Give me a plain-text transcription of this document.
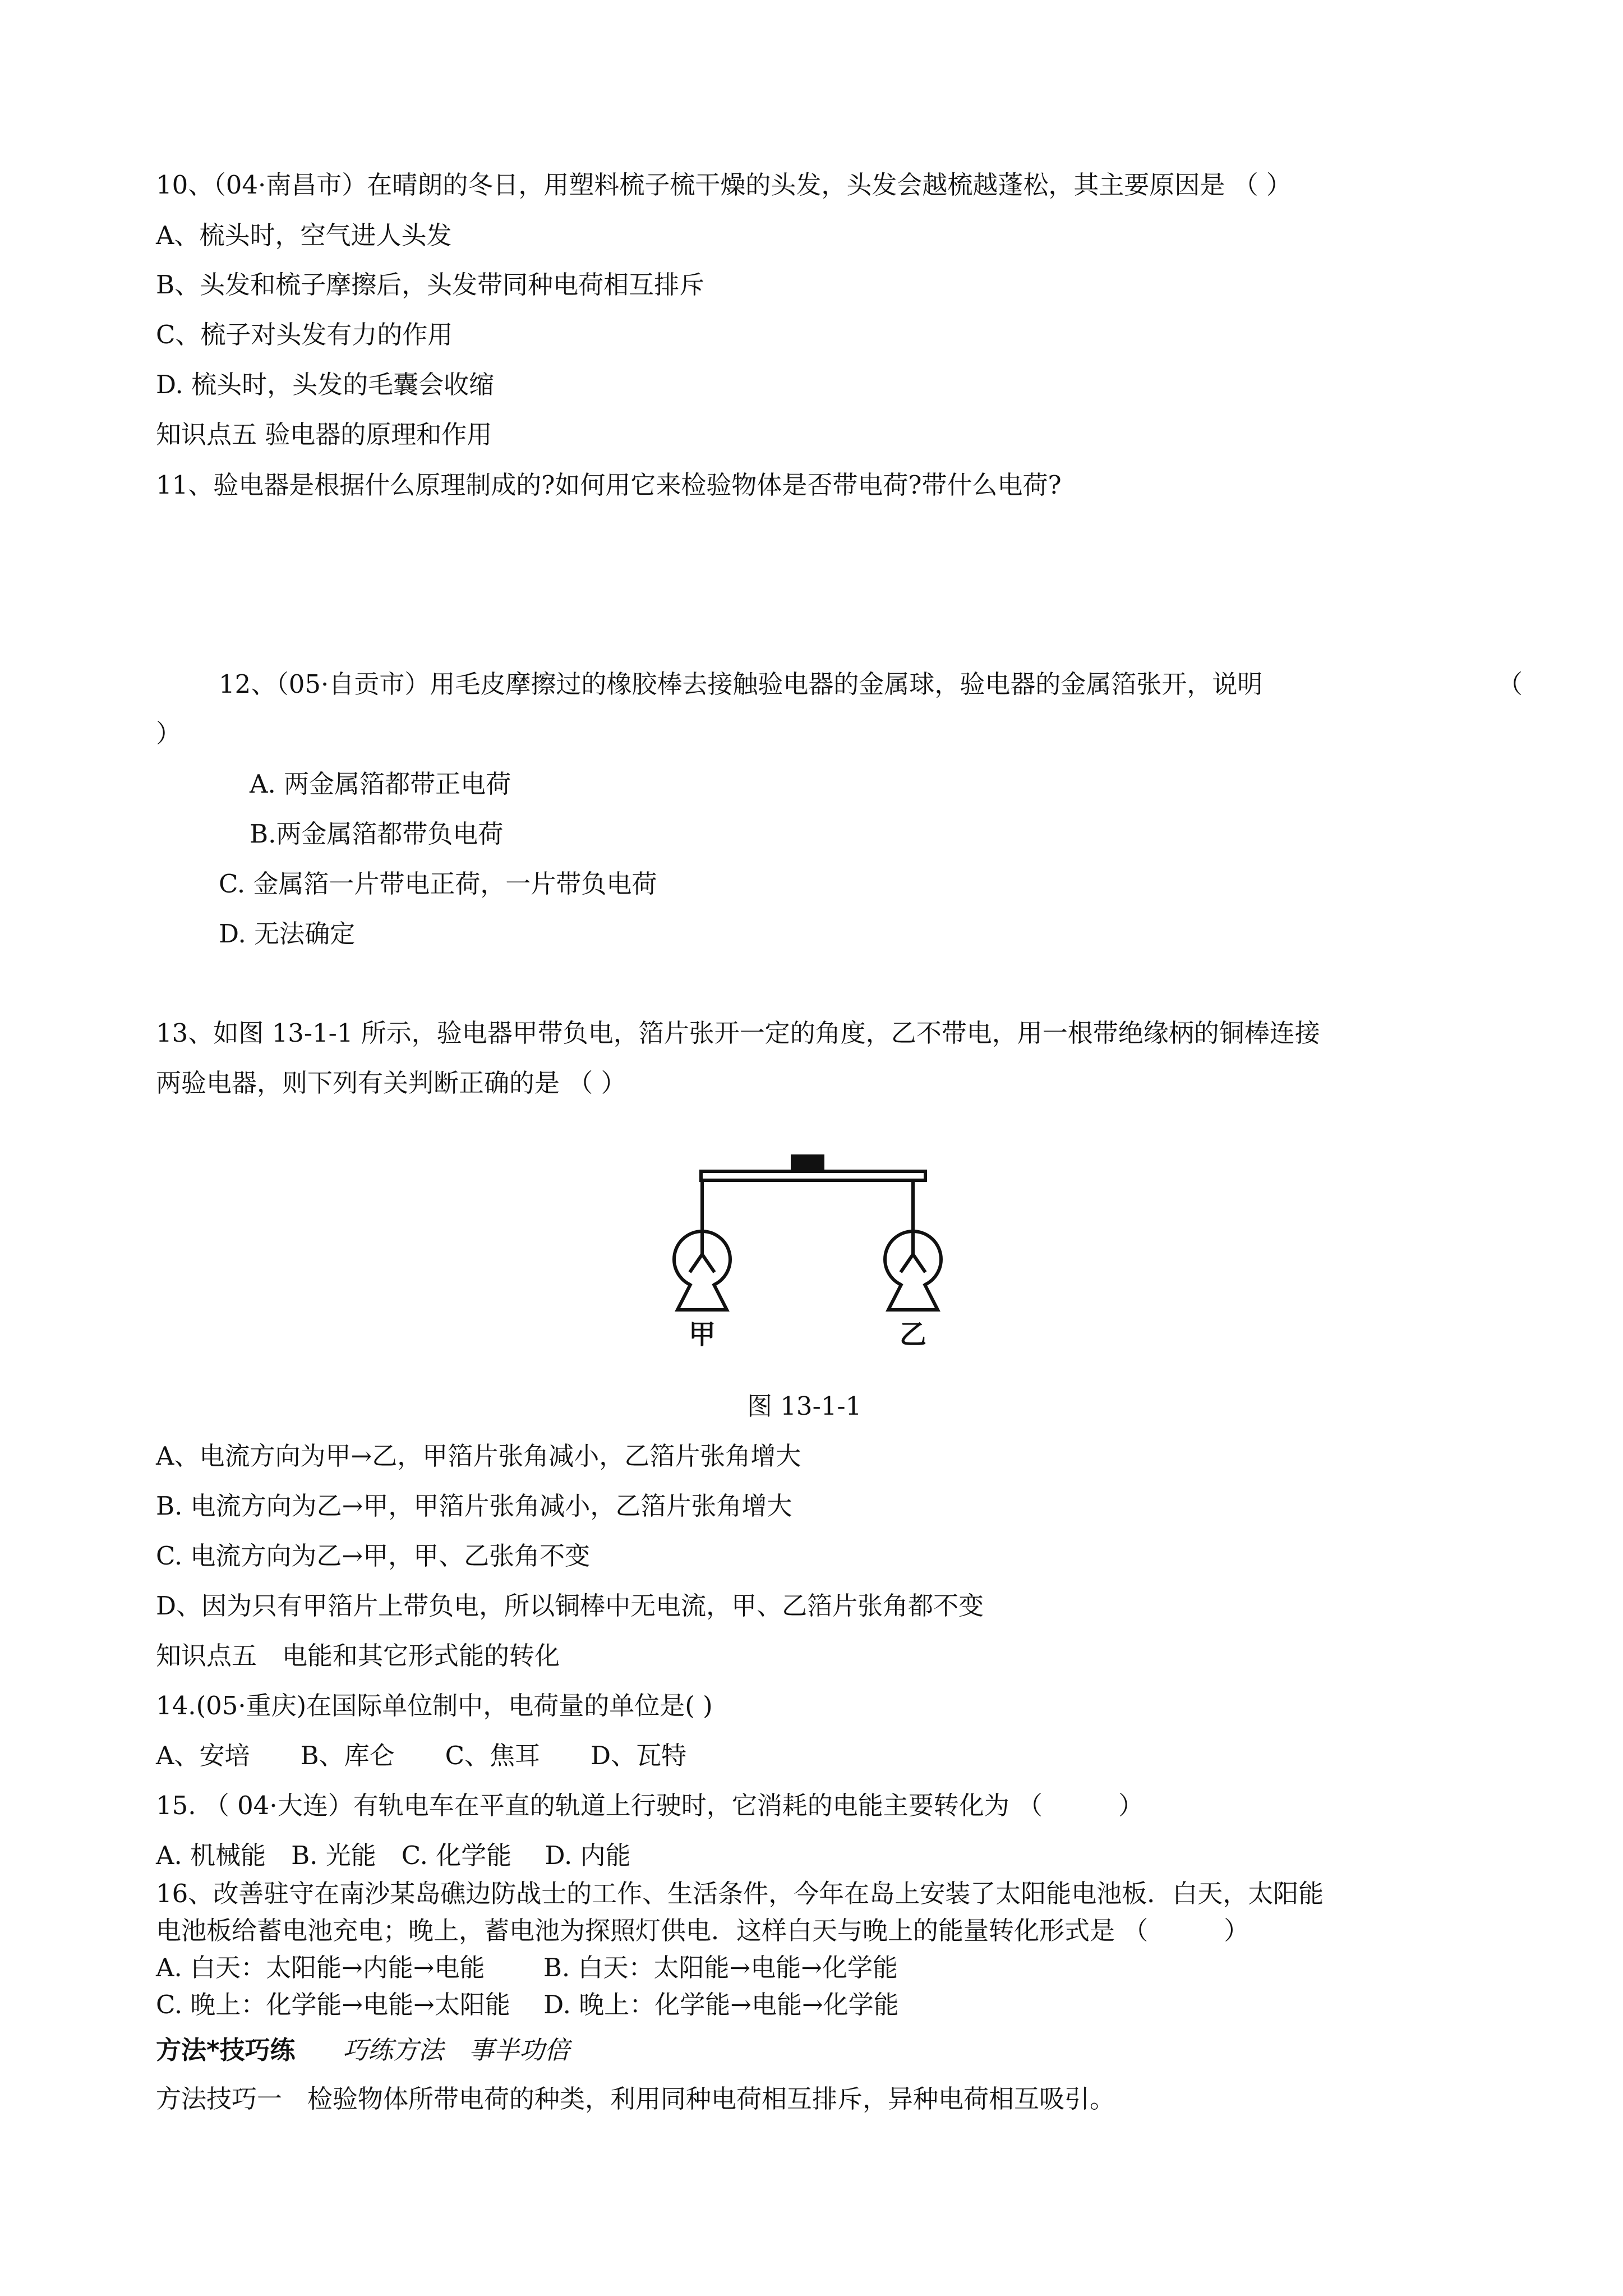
10、（04·南昌市）在晴朗的冬日，用塑料梳子梳干燥的头发，头发会越梳越蓬松，其主要原因是 （ ）
A、梳头时，空气进人头发
B、头发和梳子摩擦后，头发带同种电荷相互排斥
C、梳子对头发有力的作用
D. 梳头时，头发的毛囊会收缩
知识点五 验电器的原理和作用
11、验电器是根据什么原理制成的?如何用它来检验物体是否带电荷?带什么电荷?
12、（05·自贡市）用毛皮摩擦过的橡胶棒去接触验电器的金属球，验电器的金属箔张开，说明	（
）
A. 两金属箔都带正电荷
B.两金属箔都带负电荷
C. 金属箔一片带电正荷，一片带负电荷
D. 无法确定
13、如图 13-1-1 所示，验电器甲带负电，箔片张开一定的角度，乙不带电，用一根带绝缘柄的铜棒连接
两验电器，则下列有关判断正确的是 （ ）
甲	乙
图 13-1-1
A、电流方向为甲→乙，甲箔片张角减小，乙箔片张角增大
B. 电流方向为乙→甲，甲箔片张角减小，乙箔片张角增大
C. 电流方向为乙→甲，甲、乙张角不变
D、因为只有甲箔片上带负电，所以铜棒中无电流，甲、乙箔片张角都不变
知识点五　电能和其它形式能的转化
14.(05·重庆)在国际单位制中，电荷量的单位是( )
A、安培　　B、库仑　　C、焦耳　　D、瓦特
15. （ 04·大连）有轨电车在平直的轨道上行驶时，它消耗的电能主要转化为 （　　　）
A. 机械能　B. 光能　C. 化学能　 D. 内能
16、改善驻守在南沙某岛礁边防战士的工作、生活条件，今年在岛上安装了太阳能电池板．白天，太阳能
电池板给蓄电池充电；晚上，蓄电池为探照灯供电．这样白天与晚上的能量转化形式是 （　　　）
A. 白天：太阳能→内能→电能　　 B. 白天：太阳能→电能→化学能
C. 晚上：化学能→电能→太阳能　 D. 晚上：化学能→电能→化学能
方法*技巧练 巧练方法　事半功倍
方法技巧一　检验物体所带电荷的种类，利用同种电荷相互排斥，异种电荷相互吸引。
